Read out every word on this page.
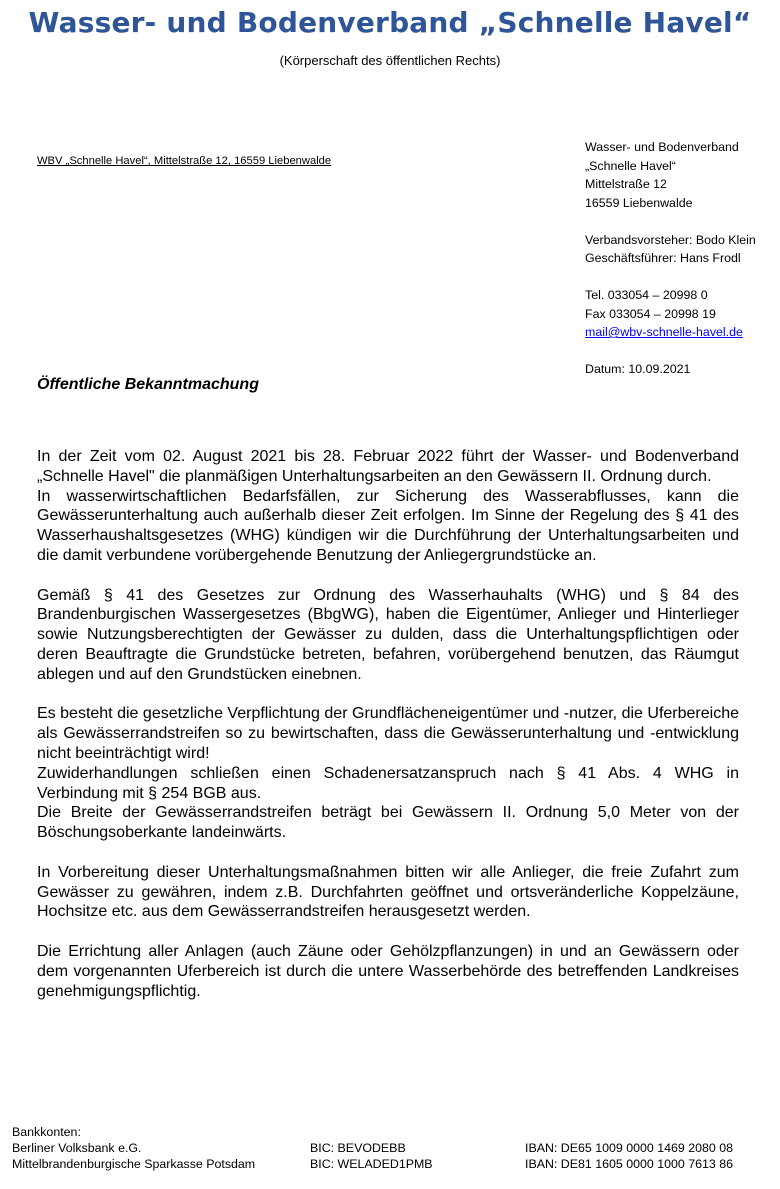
Wasser- und Bodenverband „Schnelle Havel“
(Körperschaft des öffentlichen Rechts)
WBV „Schnelle Havel“, Mittelstraße 12, 16559 Liebenwalde
Wasser- und Bodenverband
„Schnelle Havel“
Mittelstraße 12
16559 Liebenwalde
Verbandsvorsteher: Bodo Klein
Geschäftsführer: Hans Frodl
Tel. 033054 – 20998 0
Fax 033054 – 20998 19
mail@wbv-schnelle-havel.de
Datum: 10.09.2021
Öffentliche Bekanntmachung

In der Zeit vom 02. August 2021 bis 28. Februar 2022 führt der Wasser- und Bodenverband „Schnelle Havel" die planmäßigen Unterhaltungsarbeiten an den Gewässern II. Ordnung durch.
In wasserwirtschaftlichen Bedarfsfällen, zur Sicherung des Wasserabflusses, kann die Gewässerunterhaltung auch außerhalb dieser Zeit erfolgen. Im Sinne der Regelung des § 41 des Wasserhaushaltsgesetzes (WHG) kündigen wir die Durchführung der Unterhaltungsarbeiten und die damit verbundene vorübergehende Benutzung der Anliegergrundstücke an.

Gemäß § 41 des Gesetzes zur Ordnung des Wasserhauhalts (WHG) und § 84 des Brandenburgischen Wassergesetzes (BbgWG), haben die Eigentümer, Anlieger und Hinterlieger sowie Nutzungsberechtigten der Gewässer zu dulden, dass die Unterhaltungspflichtigen oder deren Beauftragte die Grundstücke betreten, befahren, vorübergehend benutzen, das Räumgut ablegen und auf den Grundstücken einebnen.

Es besteht die gesetzliche Verpflichtung der Grundflächeneigentümer und -nutzer, die Uferbereiche als Gewässerrandstreifen so zu bewirtschaften, dass die Gewässerunterhaltung und -entwicklung nicht beeinträchtigt wird!
Zuwiderhandlungen schließen einen Schadenersatzanspruch nach § 41 Abs. 4 WHG in Verbindung mit § 254 BGB aus.
Die Breite der Gewässerrandstreifen beträgt bei Gewässern II. Ordnung 5,0 Meter von der Böschungsoberkante landeinwärts.

In Vorbereitung dieser Unterhaltungsmaßnahmen bitten wir alle Anlieger, die freie Zufahrt zum Gewässer zu gewähren, indem z.B. Durchfahrten geöffnet und ortsveränderliche Koppelzäune, Hochsitze etc. aus dem Gewässerrandstreifen herausgesetzt werden.

Die Errichtung aller Anlagen (auch Zäune oder Gehölzpflanzungen) in und an Gewässern oder dem vorgenannten Uferbereich ist durch die untere Wasserbehörde des betreffenden Landkreises genehmigungspflichtig.

Bankkonten:
Berliner Volksbank e.G.	BIC: BEVODEBB	IBAN: DE65 1009 0000 1469 2080 08
Mittelbrandenburgische Sparkasse Potsdam	BIC: WELADED1PMB	IBAN: DE81 1605 0000 1000 7613 86
